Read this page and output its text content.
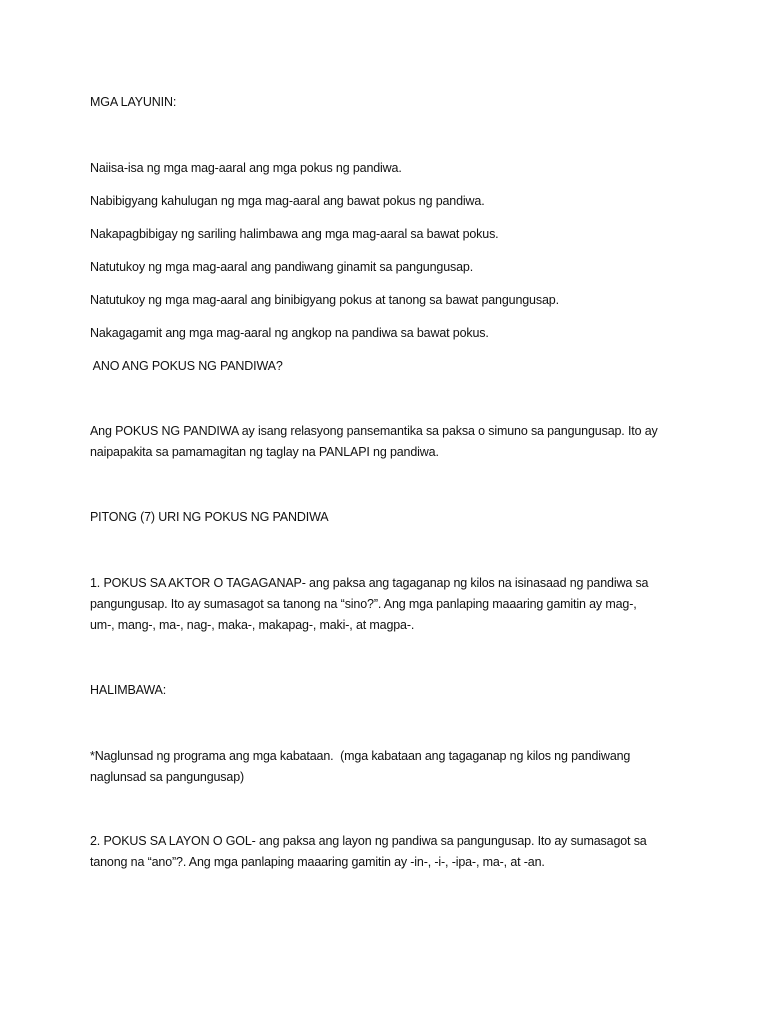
MGA LAYUNIN:
Naiisa-isa ng mga mag-aaral ang mga pokus ng pandiwa.
Nabibigyang kahulugan ng mga mag-aaral ang bawat pokus ng pandiwa.
Nakapagbibigay ng sariling halimbawa ang mga mag-aaral sa bawat pokus.
Natutukoy ng mga mag-aaral ang pandiwang ginamit sa pangungusap.
Natutukoy ng mga mag-aaral ang binibigyang pokus at tanong sa bawat pangungusap.
Nakagagamit ang mga mag-aaral ng angkop na pandiwa sa bawat pokus.
ANO ANG POKUS NG PANDIWA?
Ang POKUS NG PANDIWA ay isang relasyong pansemantika sa paksa o simuno sa pangungusap. Ito ay
naipapakita sa pamamagitan ng taglay na PANLAPI ng pandiwa.
PITONG (7) URI NG POKUS NG PANDIWA
1. POKUS SA AKTOR O TAGAGANAP- ang paksa ang tagaganap ng kilos na isinasaad ng pandiwa sa
pangungusap. Ito ay sumasagot sa tanong na “sino?”. Ang mga panlaping maaaring gamitin ay mag-,
um-, mang-, ma-, nag-, maka-, makapag-, maki-, at magpa-.
HALIMBAWA:
*Naglunsad ng programa ang mga kabataan.  (mga kabataan ang tagaganap ng kilos ng pandiwang
naglunsad sa pangungusap)
2. POKUS SA LAYON O GOL- ang paksa ang layon ng pandiwa sa pangungusap. Ito ay sumasagot sa
tanong na “ano”?. Ang mga panlaping maaaring gamitin ay -in-, -i-, -ipa-, ma-, at -an.
